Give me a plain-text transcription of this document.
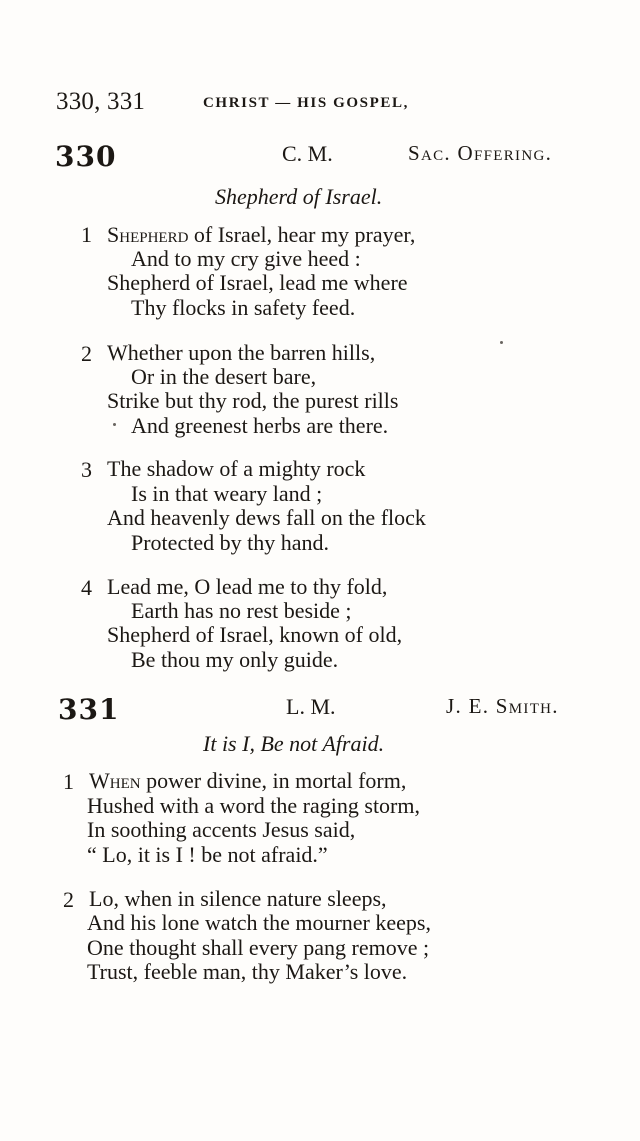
330, 331	CHRIST — HIS GOSPEL,
330	C. M.	Sac. Offering.
Shepherd of Israel.
1 Shepherd of Israel, hear my prayer,
And to my cry give heed :
Shepherd of Israel, lead me where
Thy flocks in safety feed.
2 Whether upon the barren hills,
Or in the desert bare,
Strike but thy rod, the purest rills
And greenest herbs are there.
3 The shadow of a mighty rock
Is in that weary land ;
And heavenly dews fall on the flock
Protected by thy hand.
4 Lead me, O lead me to thy fold,
Earth has no rest beside ;
Shepherd of Israel, known of old,
Be thou my only guide.
331	L. M.	J. E. Smith.
It is I, Be not Afraid.
1 When power divine, in mortal form,
Hushed with a word the raging storm,
In soothing accents Jesus said,
“ Lo, it is I ! be not afraid.”
2 Lo, when in silence nature sleeps,
And his lone watch the mourner keeps,
One thought shall every pang remove ;
Trust, feeble man, thy Maker’s love.
